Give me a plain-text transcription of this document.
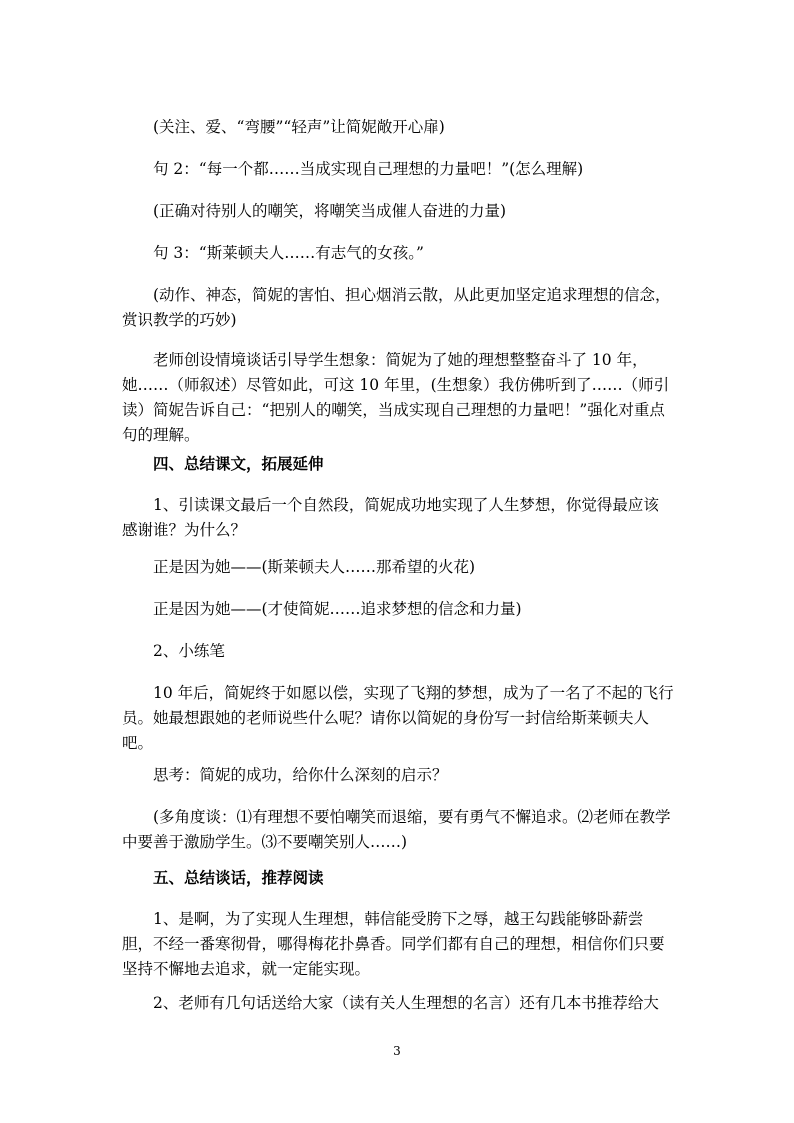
(关注、爱、“弯腰”“轻声”让简妮敞开心扉)

句 2：“每一个都……当成实现自己理想的力量吧！”(怎么理解)

(正确对待别人的嘲笑，将嘲笑当成催人奋进的力量)

句 3：“斯莱顿夫人……有志气的女孩。”

(动作、神态，简妮的害怕、担心烟消云散，从此更加坚定追求理想的信念，赏识教学的巧妙)

老师创设情境谈话引导学生想象：简妮为了她的理想整整奋斗了 10 年，她……（师叙述）尽管如此，可这 10 年里，(生想象）我仿佛听到了……（师引读）简妮告诉自己：“把别人的嘲笑，当成实现自己理想的力量吧！”强化对重点句的理解。

四、总结课文，拓展延伸

1、引读课文最后一个自然段，简妮成功地实现了人生梦想，你觉得最应该感谢谁？为什么？

正是因为她——(斯莱顿夫人……那希望的火花)

正是因为她——(才使简妮……追求梦想的信念和力量)

2、小练笔

10 年后，简妮终于如愿以偿，实现了飞翔的梦想，成为了一名了不起的飞行员。她最想跟她的老师说些什么呢？请你以简妮的身份写一封信给斯莱顿夫人吧。

思考：简妮的成功，给你什么深刻的启示？

(多角度谈：⑴有理想不要怕嘲笑而退缩，要有勇气不懈追求。⑵老师在教学中要善于激励学生。⑶不要嘲笑别人……)

五、总结谈话，推荐阅读

1、是啊，为了实现人生理想，韩信能受胯下之辱，越王勾践能够卧薪尝胆，不经一番寒彻骨，哪得梅花扑鼻香。同学们都有自己的理想，相信你们只要坚持不懈地去追求，就一定能实现。

2、老师有几句话送给大家（读有关人生理想的名言）还有几本书推荐给大

3
